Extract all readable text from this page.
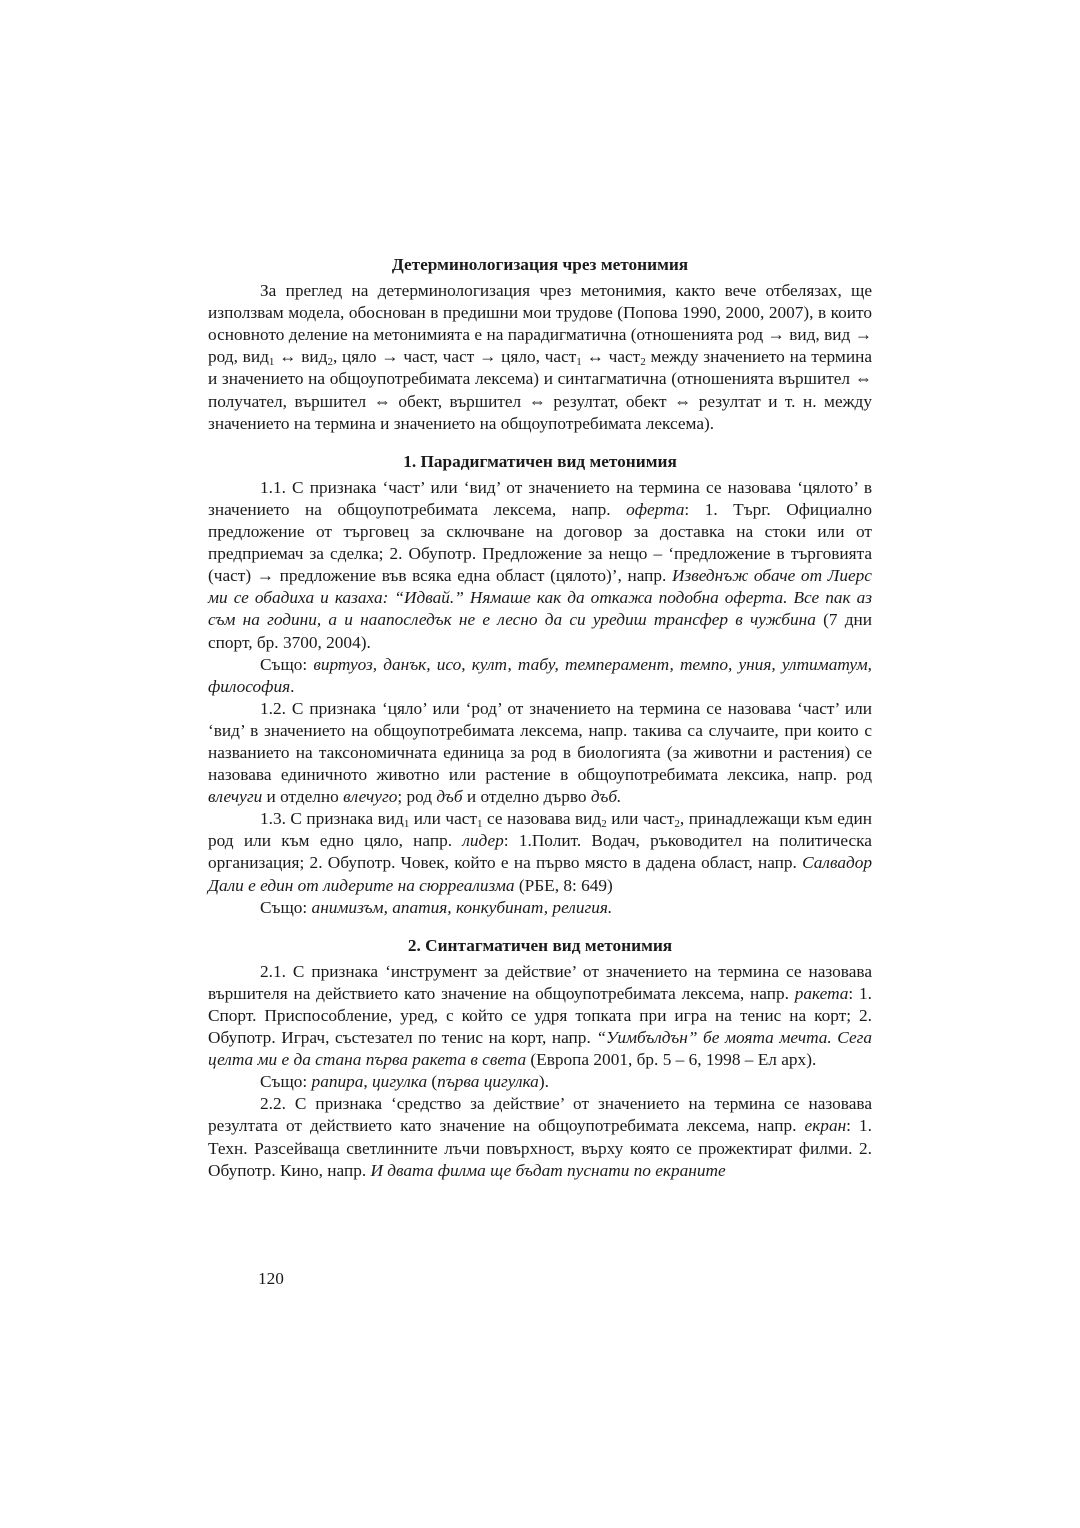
Детерминологизация чрез метонимия

За преглед на детерминологизация чрез метонимия, както вече отбелязах, ще използвам модела, обоснован в предишни мои трудове (Попова 1990, 2000, 2007), в които основното деление на метонимията е на парадигматична (отношенията род → вид, вид → род, вид$_1$ ↔ вид$_2$, цяло → част, част → цяло, част$_1$ ↔ част$_2$ между значението на термина и значението на общоупотребимата лексема) и синтагматична (отношенията вършител ⇔ получател, вършител ⇔ обект, вършител ⇔ резултат, обект ⇔ резултат и т. н. между значението на термина и значението на общоупотребимата лексема).

1. Парадигматичен вид метонимия

1.1. С признака ‘част’ или ‘вид’ от значението на термина се назовава ‘цялото’ в значението на общоупотребимата лексема, напр. оферта: 1. Търг. Официално предложение от търговец за сключване на договор за доставка на стоки или от предприемач за сделка; 2. Обупотр. Предложение за нещо – ‘предложение в търговията (част) → предложение във всяка една област (цялото)’, напр. Изведнъж обаче от Лиерс ми се обадиха и казаха: “Идвай.” Нямаше как да откажа подобна оферта. Все пак аз съм на години, а и наапоследък не е лесно да си уредиш трансфер в чужбина (7 дни спорт, бр. 3700, 2004).

Също: виртуоз, данък, исо, култ, табу, темперамент, темпо, уния, ултиматум, философия.

1.2. С признака ‘цяло’ или ‘род’ от значението на термина се назовава ‘част’ или ‘вид’ в значението на общоупотребимата лексема, напр. такива са случаите, при които с названието на таксономичната единица за род в биологията (за животни и растения) се назовава единичното животно или растение в общоупотребимата лексика, напр. род влечуги и отделно влечуго; род дъб и отделно дърво дъб.

1.3. С признака вид$_1$ или част$_1$ се назовава вид$_2$ или част$_2$, принадлежащи към един род или към едно цяло, напр. лидер: 1.Полит. Водач, ръководител на политическа организация; 2. Обупотр. Човек, който е на първо място в дадена област, напр. Салвадор Дали е един от лидерите на сюрреализма (РБЕ, 8: 649)

Също: анимизъм, апатия, конкубинат, религия.

2. Синтагматичен вид метонимия

2.1. С признака ‘инструмент за действие’ от значението на термина се назовава вършителя на действието като значение на общоупотребимата лексема, напр. ракета: 1. Спорт. Приспособление, уред, с който се удря топката при игра на тенис на корт; 2. Обупотр. Играч, състезател по тенис на корт, напр. “Уимбълдън” бе моята мечта. Сега целта ми е да стана първа ракета в света (Европа 2001, бр. 5 – 6, 1998 – Ел арх).

Също: рапира, цигулка (първа цигулка).

2.2. С признака ‘средство за действие’ от значението на термина се назовава резултата от действието като значение на общоупотребимата лексема, напр. екран: 1. Техн. Разсейваща светлинните лъчи повърхност, върху която се прожектират филми. 2. Обупотр. Кино, напр. И двата филма ще бъдат пуснати по екраните

120
